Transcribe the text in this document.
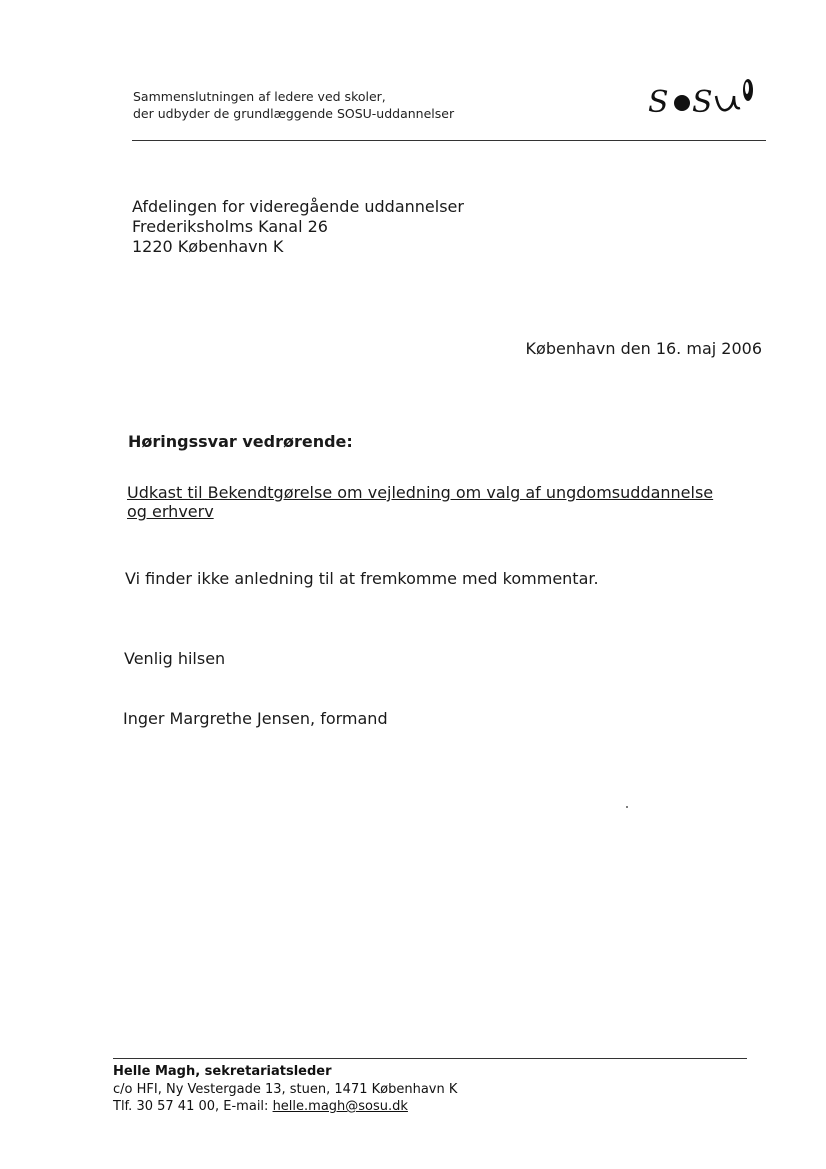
Sammenslutningen af ledere ved skoler,
der udbyder de grundlæggende SOSU-uddannelser	S S
Afdelingen for videregående uddannelser
Frederiksholms Kanal 26
1220 København K
København den 16. maj 2006
Høringssvar vedrørende:
Udkast til Bekendtgørelse om vejledning om valg af ungdomsuddannelse
og erhverv
Vi finder ikke anledning til at fremkomme med kommentar.
Venlig hilsen
Inger Margrethe Jensen, formand
Helle Magh, sekretariatsleder
c/o HFI, Ny Vestergade 13, stuen, 1471 København K
Tlf. 30 57 41 00, E-mail: helle.magh@sosu.dk
